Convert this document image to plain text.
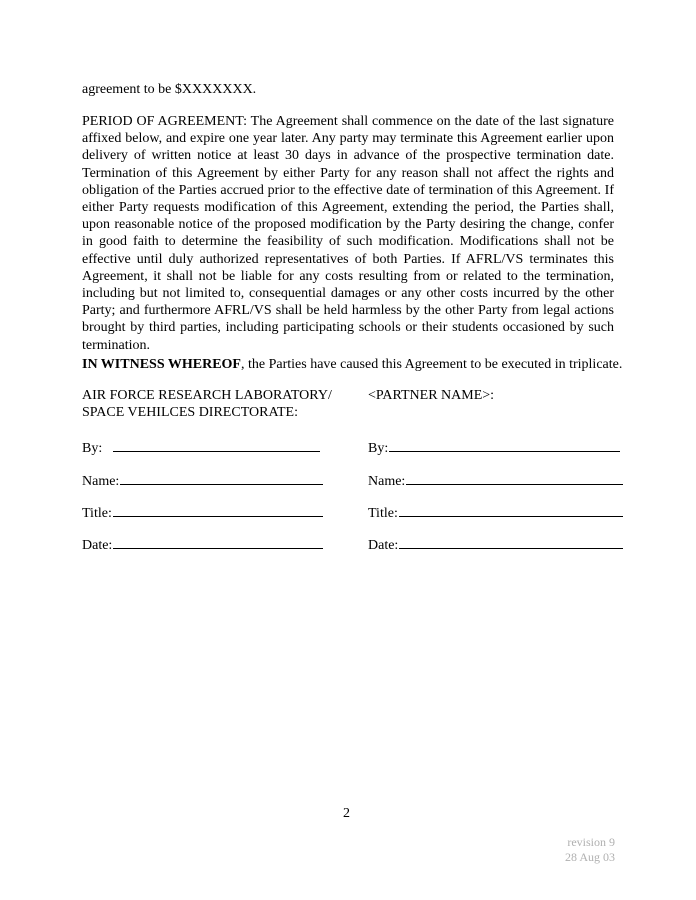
agreement to be $XXXXXXX.
PERIOD OF AGREEMENT: The Agreement shall commence on the date of the last signature affixed below, and expire one year later. Any party may terminate this Agreement earlier upon delivery of written notice at least 30 days in advance of the prospective termination date. Termination of this Agreement by either Party for any reason shall not affect the rights and obligation of the Parties accrued prior to the effective date of termination of this Agreement. If either Party requests modification of this Agreement, extending the period, the Parties shall, upon reasonable notice of the proposed modification by the Party desiring the change, confer in good faith to determine the feasibility of such modification. Modifications shall not be effective until duly authorized representatives of both Parties. If AFRL/VS terminates this Agreement, it shall not be liable for any costs resulting from or related to the termination, including but not limited to, consequential damages or any other costs incurred by the other Party; and furthermore AFRL/VS shall be held harmless by the other Party from legal actions brought by third parties, including participating schools or their students occasioned by such termination.
IN WITNESS WHEREOF, the Parties have caused this Agreement to be executed in triplicate.
AIR FORCE RESEARCH LABORATORY/
SPACE VEHILCES DIRECTORATE:
<PARTNER NAME>:
By:
Name:
Title:
Date:
By:
Name:
Title:
Date:
2
revision 9
28 Aug 03
